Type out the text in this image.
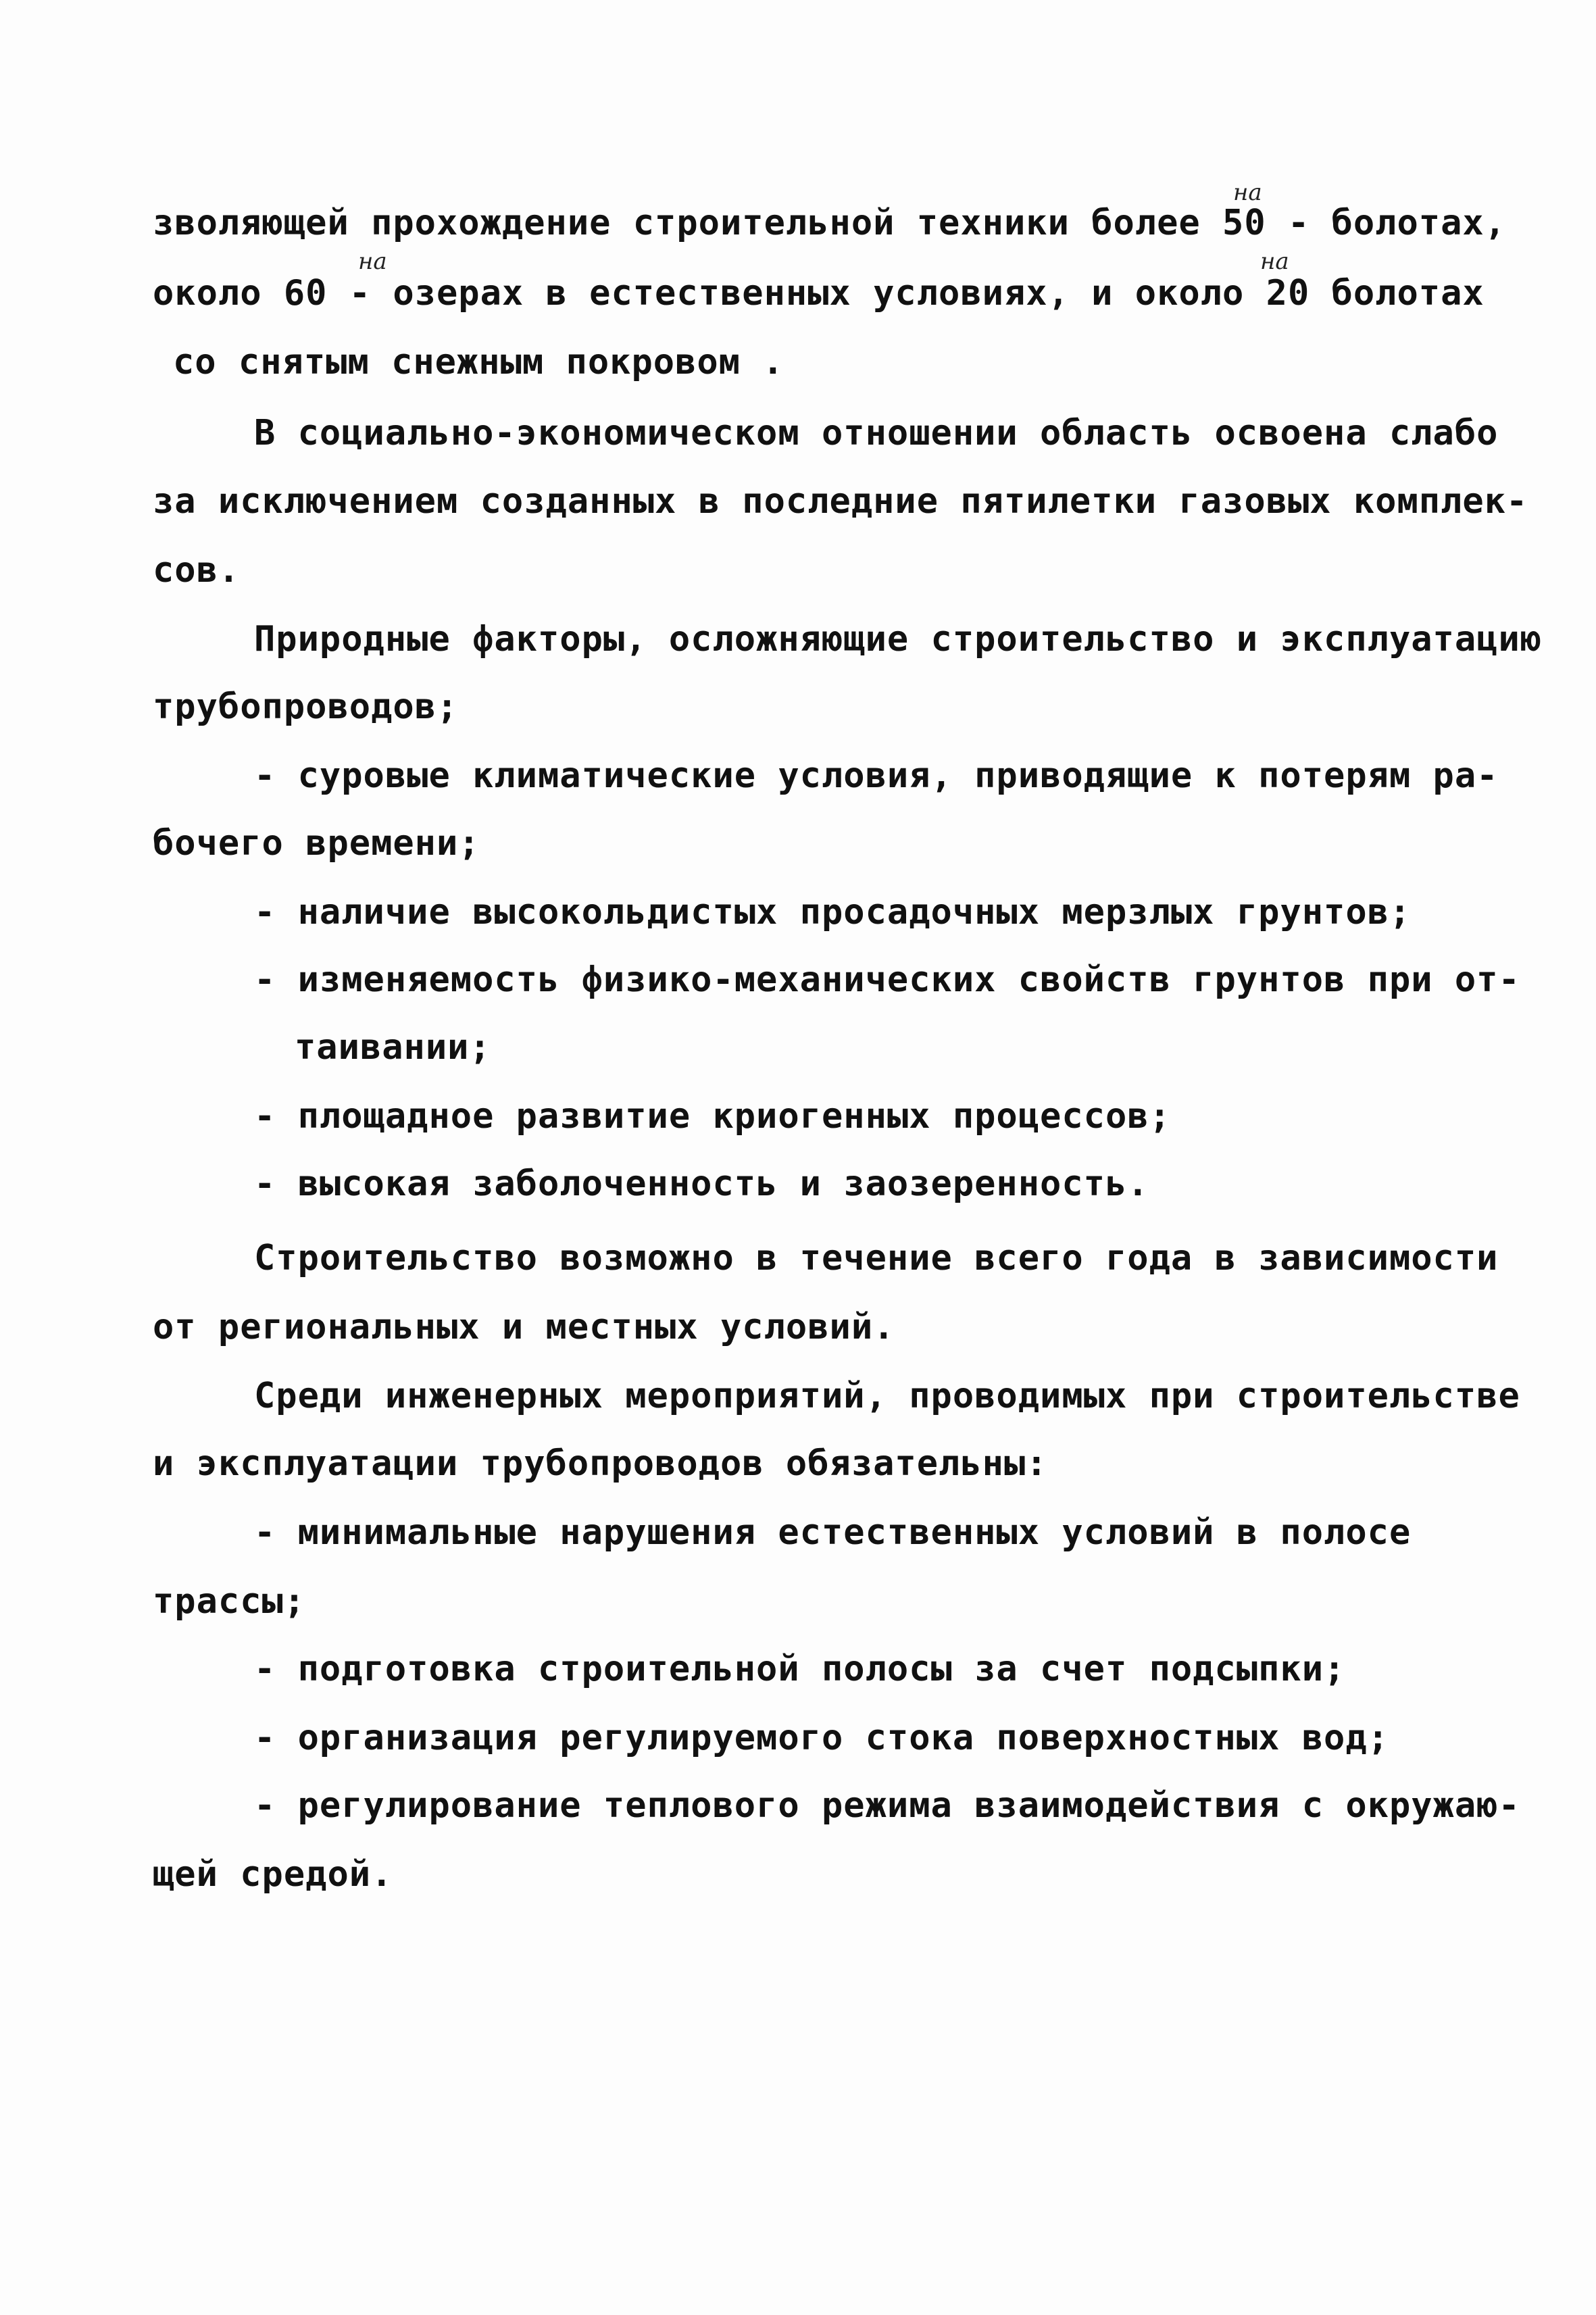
зволяющей прохождение строительной техники более 50 - болотах,
на
около 60 - озерах в естественных условиях, и около 20 болотах
на	на
со снятым снежным покровом .
В социально-экономическом отношении область освоена слабо
за исключением созданных в последние пятилетки газовых комплек-
сов.
Природные факторы, осложняющие строительство и эксплуатацию
трубопроводов;
- суровые климатические условия, приводящие к потерям ра-
бочего времени;
- наличие высокольдистых просадочных мерзлых грунтов;
- изменяемость физико-механических свойств грунтов при от-
таивании;
- площадное развитие криогенных процессов;
- высокая заболоченность и заозеренность.
Строительство возможно в течение всего года в зависимости
от региональных и местных условий.
Среди инженерных мероприятий, проводимых при строительстве
и эксплуатации трубопроводов обязательны:
- минимальные нарушения естественных условий в полосе
трассы;
- подготовка строительной полосы за счет подсыпки;
- организация регулируемого стока поверхностных вод;
- регулирование теплового режима взаимодействия с окружаю-
щей средой.
